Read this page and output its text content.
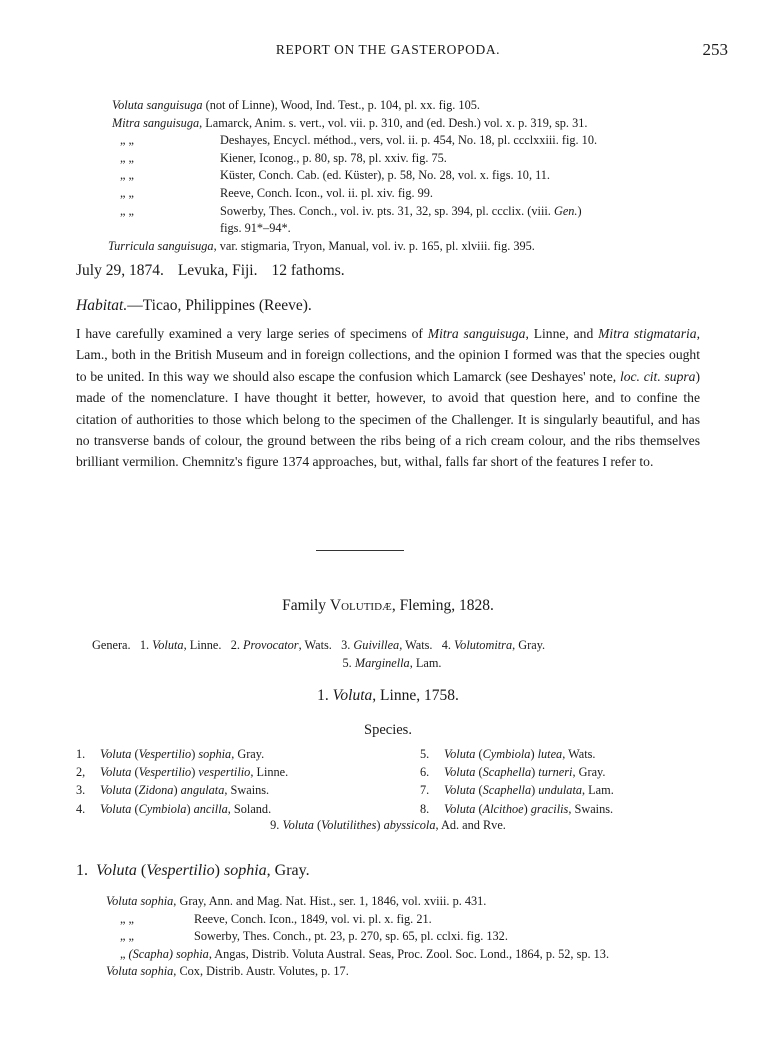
REPORT ON THE GASTEROPODA.	253
Voluta sanguisuga (not of Linne), Wood, Ind. Test., p. 104, pl. xx. fig. 105.
Mitra sanguisuga, Lamarck, Anim. s. vert., vol. vii. p. 310, and (ed. Desh.) vol. x. p. 319, sp. 31.
„ „	Deshayes, Encycl. méthod., vers, vol. ii. p. 454, No. 18, pl. ccclxxiii. fig. 10.
„ „	Kiener, Iconog., p. 80, sp. 78, pl. xxiv. fig. 75.
„ „	Küster, Conch. Cab. (ed. Küster), p. 58, No. 28, vol. x. figs. 10, 11.
„ „	Reeve, Conch. Icon., vol. ii. pl. xiv. fig. 99.
„ „	Sowerby, Thes. Conch., vol. iv. pts. 31, 32, sp. 394, pl. ccclix. (viii. Gen.)
figs. 91*–94*.
Turricula sanguisuga, var. stigmaria, Tryon, Manual, vol. iv. p. 165, pl. xlviii. fig. 395.
July 29, 1874. Levuka, Fiji. 12 fathoms.
Habitat.—Ticao, Philippines (Reeve).
I have carefully examined a very large series of specimens of Mitra sanguisuga, Linne, and Mitra stigmataria, Lam., both in the British Museum and in foreign collections, and the opinion I formed was that the species ought to be united. In this way we should also escape the confusion which Lamarck (see Deshayes' note, loc. cit. supra) made of the nomenclature. I have thought it better, however, to avoid that question here, and to confine the citation of authorities to those which belong to the specimen of the Challenger. It is singularly beautiful, and has no transverse bands of colour, the ground between the ribs being of a rich cream colour, and the ribs themselves brilliant vermilion. Chemnitz's figure 1374 approaches, but, withal, falls far short of the features I refer to.
Family Volutidæ, Fleming, 1828.
Genera. 1. Voluta, Linne. 2. Provocator, Wats. 3. Guivillea, Wats. 4. Volutomitra, Gray.
5. Marginella, Lam.
1. Voluta, Linne, 1758.
Species.
1. Voluta (Vespertilio) sophia, Gray.
2, Voluta (Vespertilio) vespertilio, Linne.
3. Voluta (Zidona) angulata, Swains.
4. Voluta (Cymbiola) ancilla, Soland.
5. Voluta (Cymbiola) lutea, Wats.
6. Voluta (Scaphella) turneri, Gray.
7. Voluta (Scaphella) undulata, Lam.
8. Voluta (Alcithoe) gracilis, Swains.
9. Voluta (Volutilithes) abyssicola, Ad. and Rve.
1. Voluta (Vespertilio) sophia, Gray.
Voluta sophia, Gray, Ann. and Mag. Nat. Hist., ser. 1, 1846, vol. xviii. p. 431.
„ „	Reeve, Conch. Icon., 1849, vol. vi. pl. x. fig. 21.
„ „	Sowerby, Thes. Conch., pt. 23, p. 270, sp. 65, pl. cclxi. fig. 132.
„ (Scapha) sophia, Angas, Distrib. Voluta Austral. Seas, Proc. Zool. Soc. Lond., 1864, p. 52, sp. 13.
Voluta sophia, Cox, Distrib. Austr. Volutes, p. 17.
